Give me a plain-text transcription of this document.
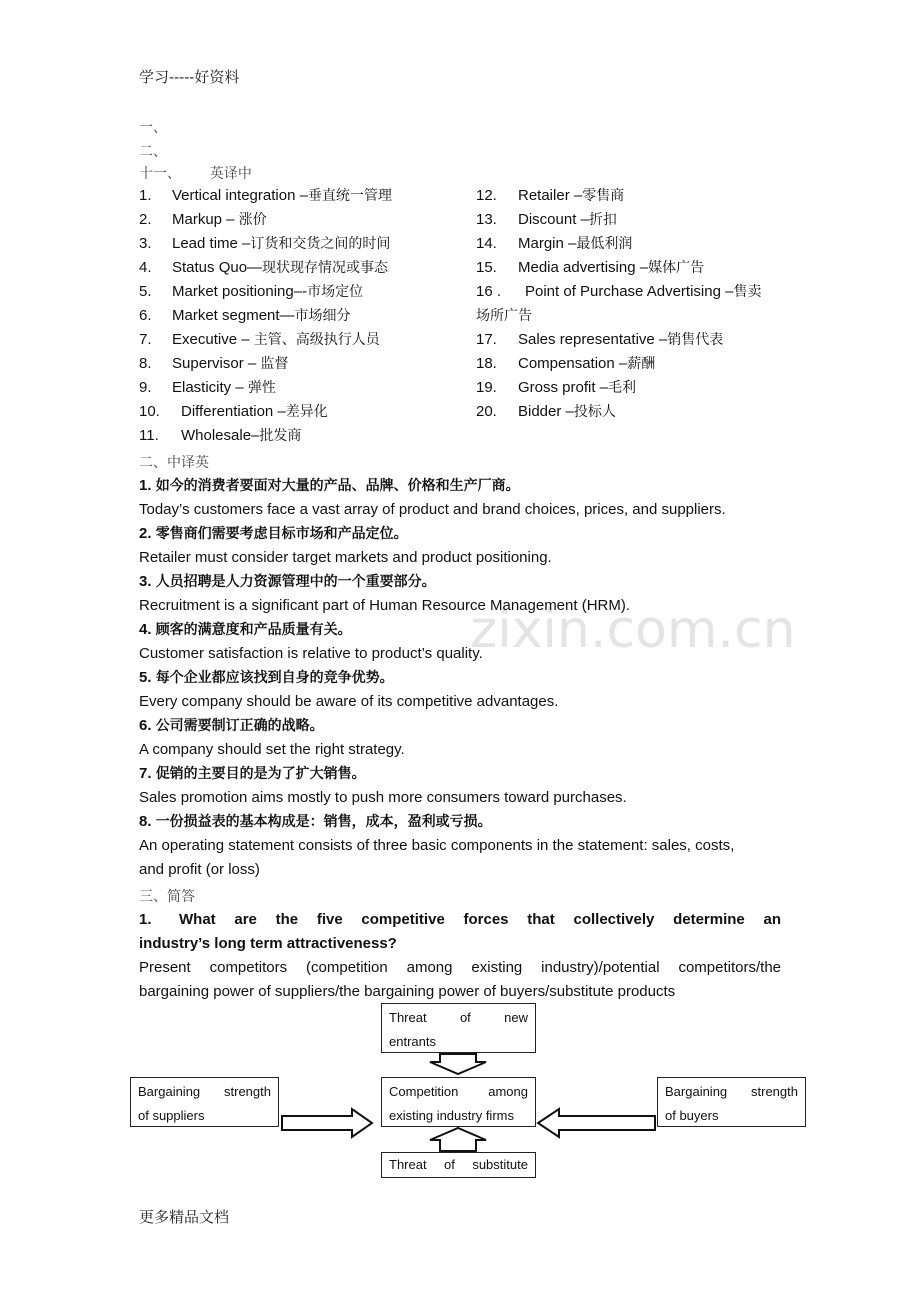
学习-----好资料
zixin.com.cn
一、
二、
十一、 英译中
1. Vertical integration –垂直统一管理
2. Markup – 涨价
3. Lead time –订货和交货之间的时间
4. Status Quo—现状现存情况或事态
5. Market positioning–-市场定位
6. Market segment—市场细分
7. Executive – 主管、高级执行人员
8. Supervisor – 监督
9. Elasticity – 弹性
10. Differentiation –差异化
11. Wholesale–批发商
12. Retailer –零售商
13. Discount –折扣
14. Margin –最低利润
15. Media advertising –媒体广告
16 . Point of Purchase Advertising –售卖
场所广告
17. Sales representative –销售代表
18. Compensation –薪酬
19. Gross profit –毛利
20. Bidder –投标人
二、中译英
1. 如今的消费者要面对大量的产品、品牌、价格和生产厂商。
Today’s customers face a vast array of product and brand choices, prices, and suppliers.
2. 零售商们需要考虑目标市场和产品定位。
Retailer must consider target markets and product positioning.
3. 人员招聘是人力资源管理中的一个重要部分。
Recruitment is a significant part of Human Resource Management (HRM).
4. 顾客的满意度和产品质量有关。
Customer satisfaction is relative to product’s quality.
5. 每个企业都应该找到自身的竞争优势。
Every company should be aware of its competitive advantages.
6. 公司需要制订正确的战略。
A company should set the right strategy.
7. 促销的主要目的是为了扩大销售。
Sales promotion aims mostly to push more consumers toward purchases.
8. 一份损益表的基本构成是：销售，成本，盈利或亏损。
An operating statement consists of three basic components in the statement: sales, costs,
and profit (or loss)
三、简答
1.	What are the five competitive forces that collectively determine an
industry’s long term attractiveness?
Present competitors (competition among existing industry)/potential competitors/the
bargaining power of suppliers/the bargaining power of buyers/substitute products
Threat	of	new
entrants
Competition among
existing industry firms
Bargaining strength
of suppliers
Bargaining strength
of buyers
Threat of substitute
更多精品文档
